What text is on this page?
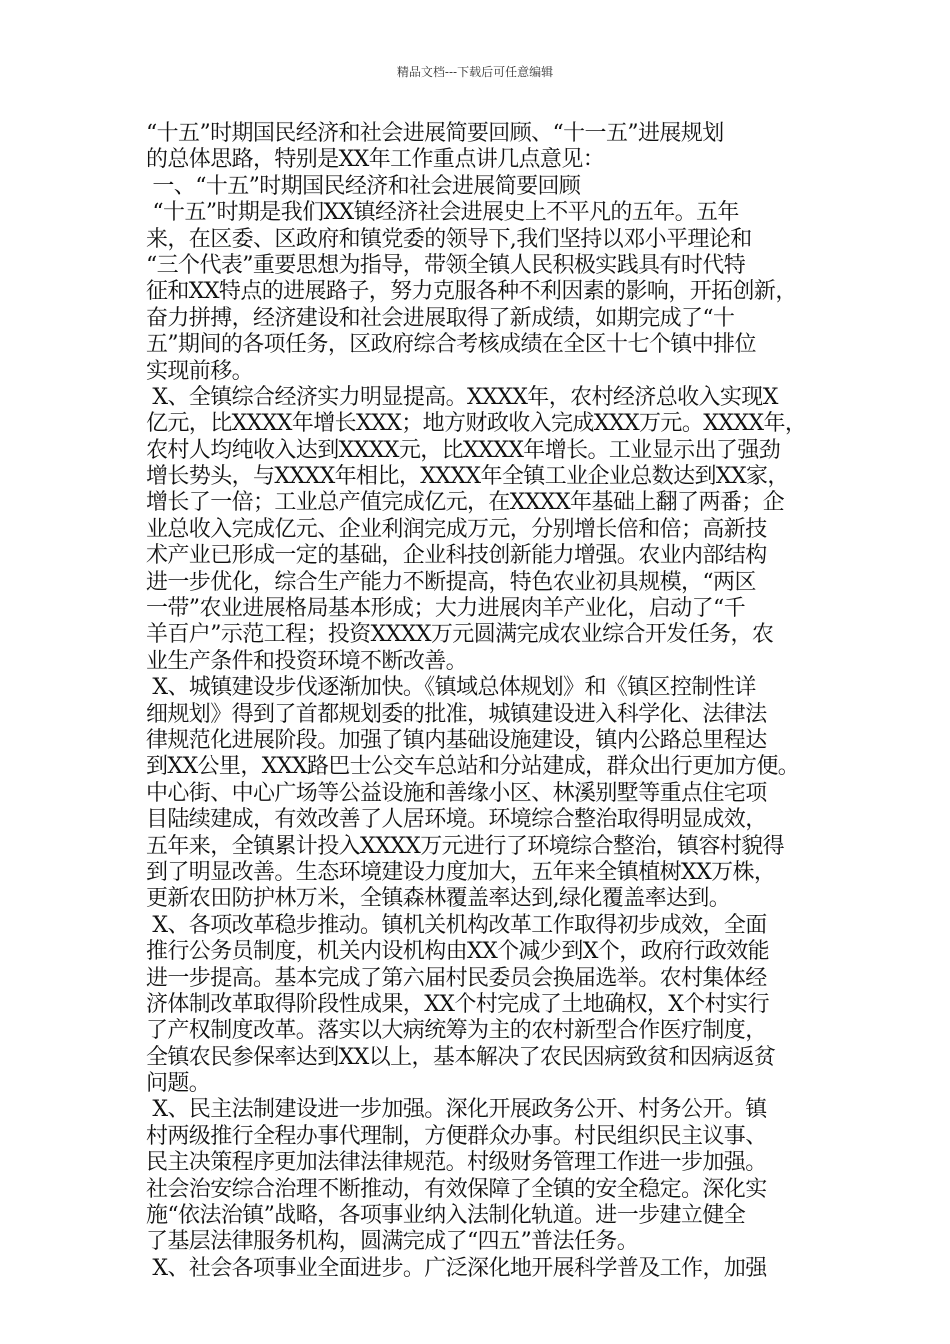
精品文档---下载后可任意编辑
“十五”时期国民经济和社会进展简要回顾、“十一五”进展规划
的总体思路，特别是XX年工作重点讲几点意见：
一、“十五”时期国民经济和社会进展简要回顾
“十五”时期是我们XX镇经济社会进展史上不平凡的五年。五年
来，在区委、区政府和镇党委的领导下,我们坚持以邓小平理论和
“三个代表”重要思想为指导，带领全镇人民积极实践具有时代特
征和XX特点的进展路子，努力克服各种不利因素的影响，开拓创新，
奋力拼搏，经济建设和社会进展取得了新成绩，如期完成了“十
五”期间的各项任务，区政府综合考核成绩在全区十七个镇中排位
实现前移。
X、全镇综合经济实力明显提高。XXXX年，农村经济总收入实现X
亿元，比XXXX年增长XXX；地方财政收入完成XXX万元。XXXX年，
农村人均纯收入达到XXXX元，比XXXX年增长。工业显示出了强劲
增长势头，与XXXX年相比，XXXX年全镇工业企业总数达到XX家，
增长了一倍；工业总产值完成亿元，在XXXX年基础上翻了两番；企
业总收入完成亿元、企业利润完成万元，分别增长倍和倍；高新技
术产业已形成一定的基础，企业科技创新能力增强。农业内部结构
进一步优化，综合生产能力不断提高，特色农业初具规模，“两区
一带”农业进展格局基本形成；大力进展肉羊产业化，启动了“千
羊百户”示范工程；投资XXXX万元圆满完成农业综合开发任务，农
业生产条件和投资环境不断改善。
X、城镇建设步伐逐渐加快。《镇域总体规划》和《镇区控制性详
细规划》得到了首都规划委的批准，城镇建设进入科学化、法律法
律规范化进展阶段。加强了镇内基础设施建设，镇内公路总里程达
到XX公里，XXX路巴士公交车总站和分站建成，群众出行更加方便。
中心街、中心广场等公益设施和善缘小区、林溪别墅等重点住宅项
目陆续建成，有效改善了人居环境。环境综合整治取得明显成效，
五年来，全镇累计投入XXXX万元进行了环境综合整治，镇容村貌得
到了明显改善。生态环境建设力度加大，五年来全镇植树XX万株，
更新农田防护林万米，全镇森林覆盖率达到,绿化覆盖率达到。
X、各项改革稳步推动。镇机关机构改革工作取得初步成效，全面
推行公务员制度，机关内设机构由XX个减少到X个，政府行政效能
进一步提高。基本完成了第六届村民委员会换届选举。农村集体经
济体制改革取得阶段性成果，XX个村完成了土地确权，X个村实行
了产权制度改革。落实以大病统筹为主的农村新型合作医疗制度，
全镇农民参保率达到XX以上，基本解决了农民因病致贫和因病返贫
问题。
X、民主法制建设进一步加强。深化开展政务公开、村务公开。镇
村两级推行全程办事代理制，方便群众办事。村民组织民主议事、
民主决策程序更加法律法律规范。村级财务管理工作进一步加强。
社会治安综合治理不断推动，有效保障了全镇的安全稳定。深化实
施“依法治镇”战略，各项事业纳入法制化轨道。进一步建立健全
了基层法律服务机构，圆满完成了“四五”普法任务。
X、社会各项事业全面进步。广泛深化地开展科学普及工作，加强
